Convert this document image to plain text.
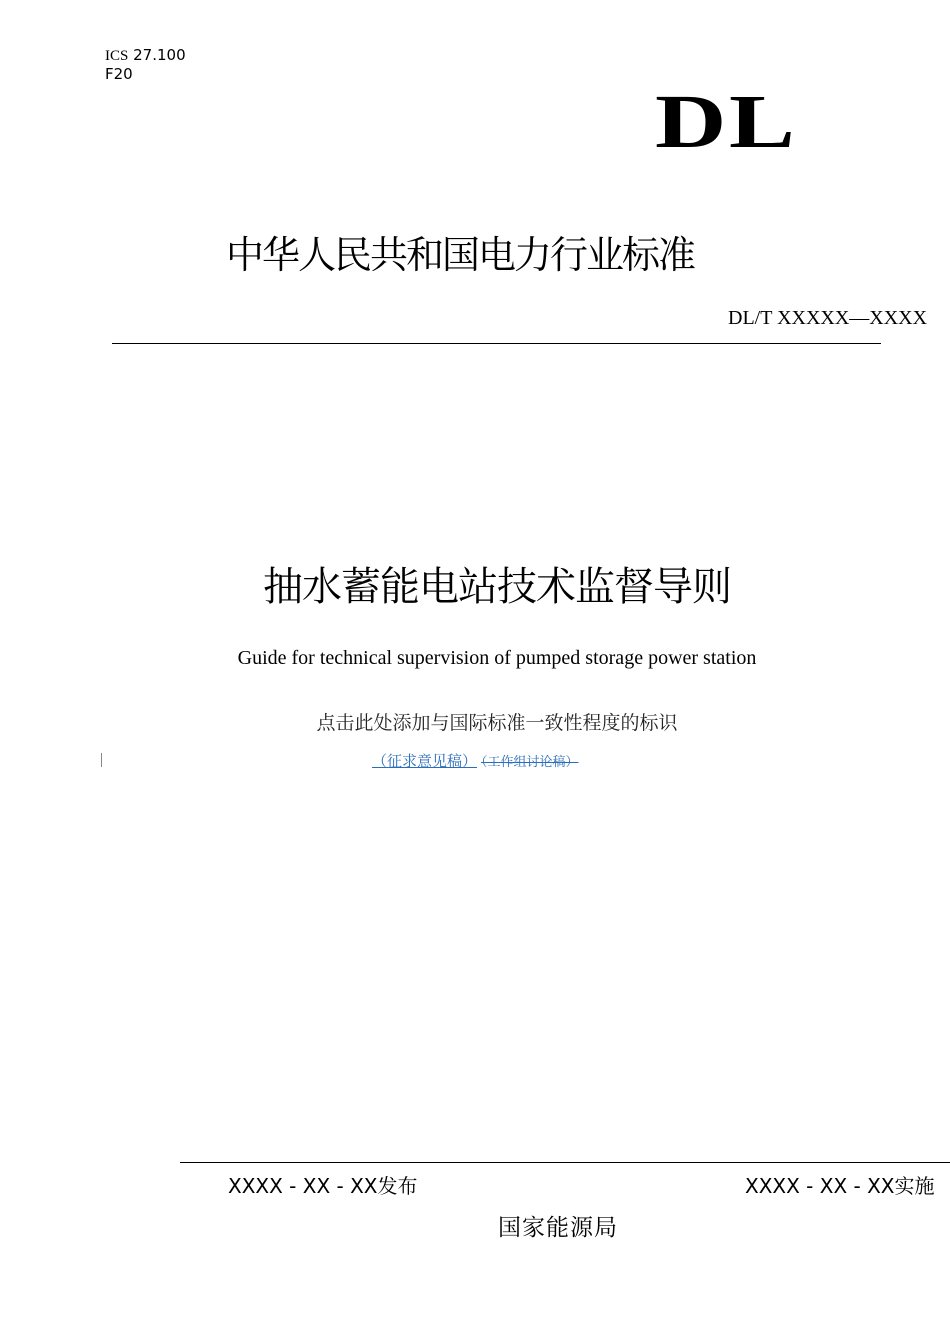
ICS 27.100
F20
DL
中华人民共和国电力行业标准
DL/T XXXXX—XXXX
抽水蓄能电站技术监督导则
Guide for technical supervision of pumped storage power station
点击此处添加与国际标准一致性程度的标识
（征求意见稿） （工作组讨论稿）
XXXX - XX - XX发布	XXXX - XX - XX实施
国家能源局
